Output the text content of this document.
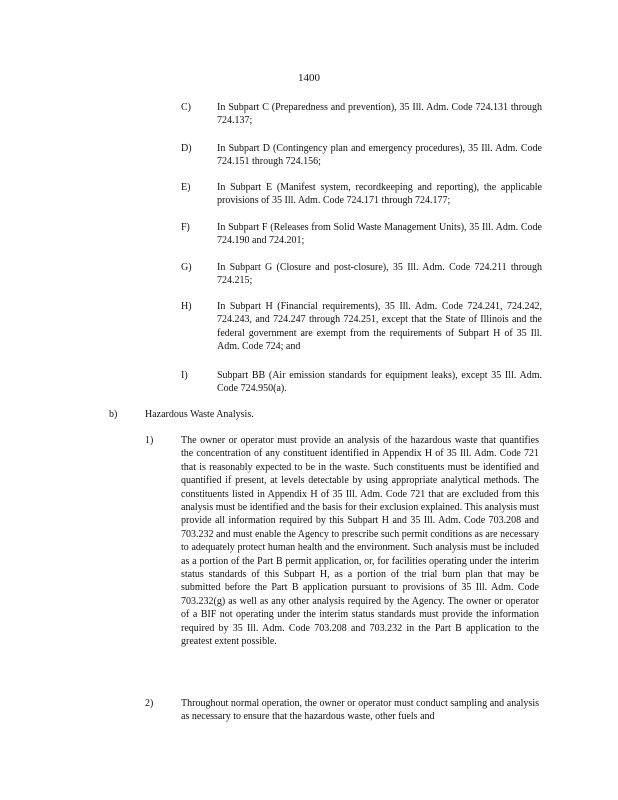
1400
C)	In Subpart C (Preparedness and prevention), 35 Ill. Adm. Code 724.131 through 724.137;
D)	In Subpart D (Contingency plan and emergency procedures), 35 Ill. Adm. Code 724.151 through 724.156;
E)	In Subpart E (Manifest system, recordkeeping and reporting), the applicable provisions of 35 Ill. Adm. Code 724.171 through 724.177;
F)	In Subpart F (Releases from Solid Waste Management Units), 35 Ill. Adm. Code 724.190 and 724.201;
G)	In Subpart G (Closure and post-closure), 35 Ill. Adm. Code 724.211 through 724.215;
H)	In Subpart H (Financial requirements), 35 Ill. Adm. Code 724.241, 724.242, 724.243, and 724.247 through 724.251, except that the State of Illinois and the federal government are exempt from the requirements of Subpart H of 35 Ill. Adm. Code 724; and
I)	Subpart BB (Air emission standards for equipment leaks), except 35 Ill. Adm. Code 724.950(a).
b)	Hazardous Waste Analysis.
1)	The owner or operator must provide an analysis of the hazardous waste that quantifies the concentration of any constituent identified in Appendix H of 35 Ill. Adm. Code 721 that is reasonably expected to be in the waste. Such constituents must be identified and quantified if present, at levels detectable by using appropriate analytical methods. The constituents listed in Appendix H of 35 Ill. Adm. Code 721 that are excluded from this analysis must be identified and the basis for their exclusion explained. This analysis must provide all information required by this Subpart H and 35 Ill. Adm. Code 703.208 and 703.232 and must enable the Agency to prescribe such permit conditions as are necessary to adequately protect human health and the environment. Such analysis must be included as a portion of the Part B permit application, or, for facilities operating under the interim status standards of this Subpart H, as a portion of the trial burn plan that may be submitted before the Part B application pursuant to provisions of 35 Ill. Adm. Code 703.232(g) as well as any other analysis required by the Agency. The owner or operator of a BIF not operating under the interim status standards must provide the information required by 35 Ill. Adm. Code 703.208 and 703.232 in the Part B application to the greatest extent possible.
2)	Throughout normal operation, the owner or operator must conduct sampling and analysis as necessary to ensure that the hazardous waste, other fuels and
